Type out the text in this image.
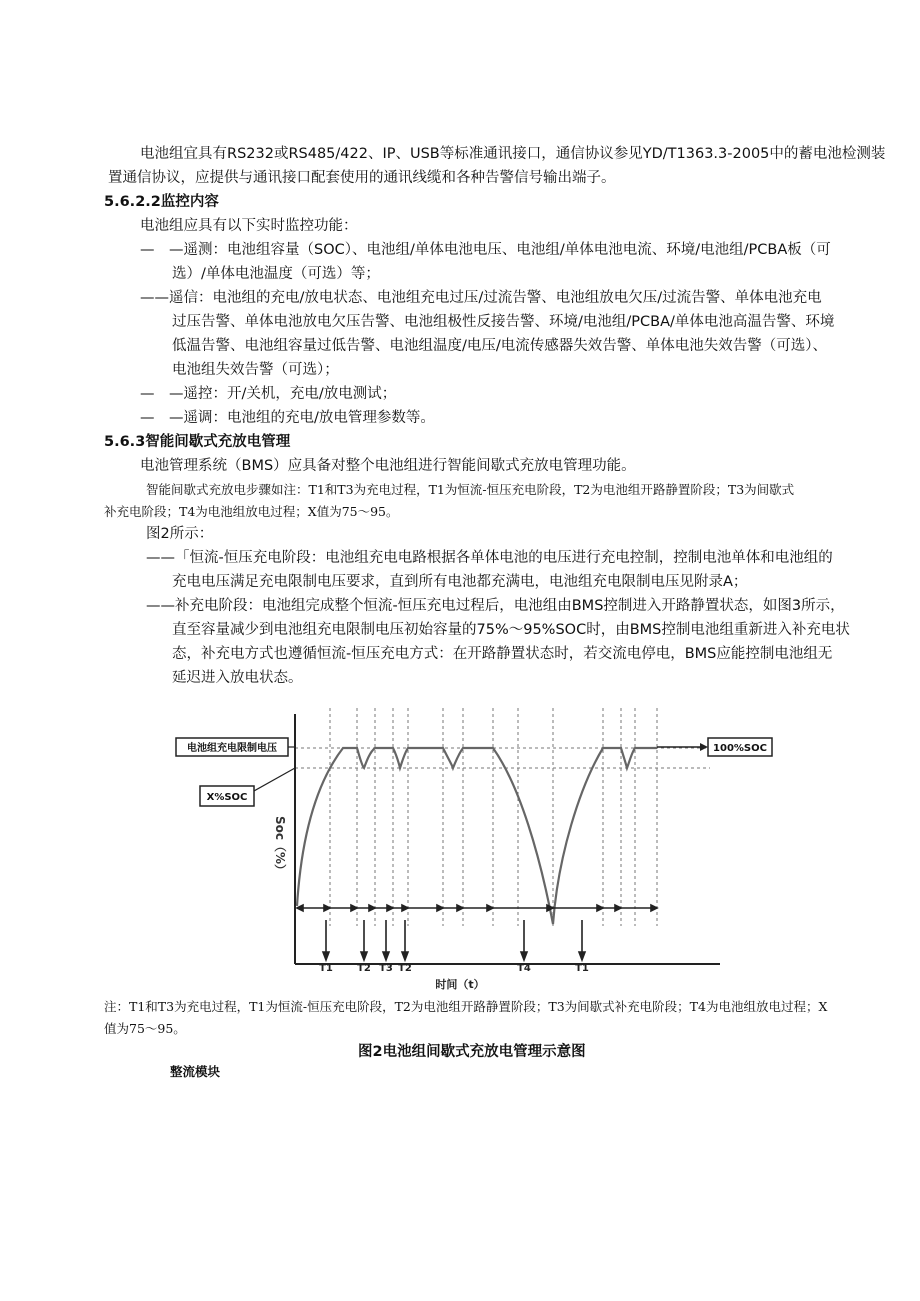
电池组宜具有RS232或RS485/422、IP、USB等标准通讯接口，通信协议参见YD/T1363.3-2005中的蓄电池检测装
置通信协议，应提供与通讯接口配套使用的通讯线缆和各种告警信号输出端子。
5.6.2.2监控内容
电池组应具有以下实时监控功能：
—　—遥测：电池组容量（SOC）、电池组/单体电池电压、电池组/单体电池电流、环境/电池组/PCBA板（可
选）/单体电池温度（可选）等；
——遥信：电池组的充电/放电状态、电池组充电过压/过流告警、电池组放电欠压/过流告警、单体电池充电
过压告警、单体电池放电欠压告警、电池组极性反接告警、环境/电池组/PCBA/单体电池高温告警、环境
低温告警、电池组容量过低告警、电池组温度/电压/电流传感器失效告警、单体电池失效告警（可选）、
电池组失效告警（可选）；
—　—遥控：开/关机，充电/放电测试；
—　—遥调：电池组的充电/放电管理参数等。
5.6.3智能间歇式充放电管理
电池管理系统（BMS）应具备对整个电池组进行智能间歇式充放电管理功能。
智能间歇式充放电步骤如注：T1和T3为充电过程，T1为恒流-恒压充电阶段，T2为电池组开路静置阶段；T3为间歇式
补充电阶段；T4为电池组放电过程；X值为75～95。
图2所示：
——「恒流-恒压充电阶段：电池组充电电路根据各单体电池的电压进行充电控制，控制电池单体和电池组的
充电电压满足充电限制电压要求，直到所有电池都充满电，电池组充电限制电压见附录A；
——补充电阶段：电池组完成整个恒流-恒压充电过程后，电池组由BMS控制进入开路静置状态，如图3所示，
直至容量减少到电池组充电限制电压初始容量的75%～95%SOC时，由BMS控制电池组重新进入补充电状
态，补充电方式也遵循恒流-恒压充电方式：在开路静置状态时，若交流电停电，BMS应能控制电池组无
延迟进入放电状态。
T1 T2 T3 T2	T4	T1
电池组充电限制电压
X%SOC
100%SOC
Soc（%）
时间（t）
注：T1和T3为充电过程，T1为恒流-恒压充电阶段，T2为电池组开路静置阶段；T3为间歇式补充电阶段；T4为电池组放电过程；X
值为75～95。
图2电池组间歇式充放电管理示意图
整流模块
